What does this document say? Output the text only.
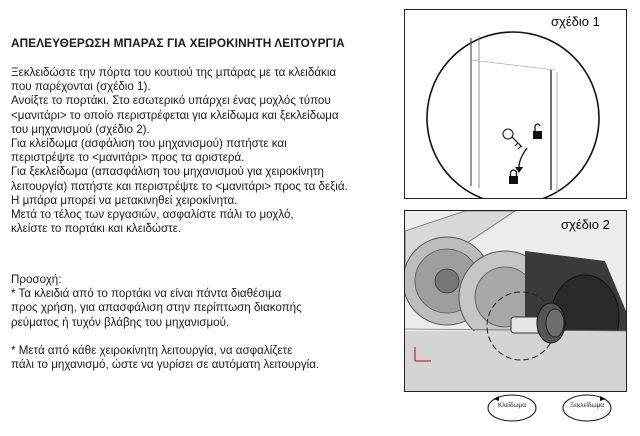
ΑΠΕΛΕΥΘΕΡΩΣΗ ΜΠΑΡΑΣ ΓΙΑ ΧΕΙΡΟΚΙΝΗΤΗ ΛΕΙΤΟΥΡΓΙΑ
Ξεκλειδώστε την πόρτα του κουτιού της μπάρας με τα κλειδάκια
που παρέχονται (σχέδιο 1).
Ανοίξτε το πορτάκι. Στο εσωτερικό υπάρχει ένας μοχλός τύπου
<μανιτάρι> το οποίο περιστρέφεται για κλείδωμα και ξεκλείδωμα
του μηχανισμού (σχέδιο 2).
Για κλείδωμα (ασφάλιση του μηχανισμού) πατήστε και
περιστρέψτε το <μανιτάρι> προς τα αριστερά.
Για ξεκλείδωμα (απασφάλιση του μηχανισμού για χειροκίνητη
λειτουργία) πατήστε και περιστρέψτε το <μανιτάρι> προς τα δεξιά.
Η μπάρα μπορεί να μετακινηθεί χειροκίνητα.
Μετά το τέλος των εργασιών, ασφαλίστε πάλι το μοχλό,
κλείστε το πορτάκι και κλειδώστε.
Προσοχή:
* Τα κλειδιά από το πορτάκι να είναι πάντα διαθέσιμα
προς χρήση, για απασφάλιση στην περίπτωση διακοπής
ρεύματος ή τυχόν βλάβης του μηχανισμού.
* Μετά από κάθε χειροκίνητη λειτουργία, να ασφαλίζετε
πάλι το μηχανισμό, ώστε να γυρίσει σε αυτόματη λειτουργία.
σχέδιο 1
σχέδιο 2
Κλείδωμα	Ξεκλείδωμα
